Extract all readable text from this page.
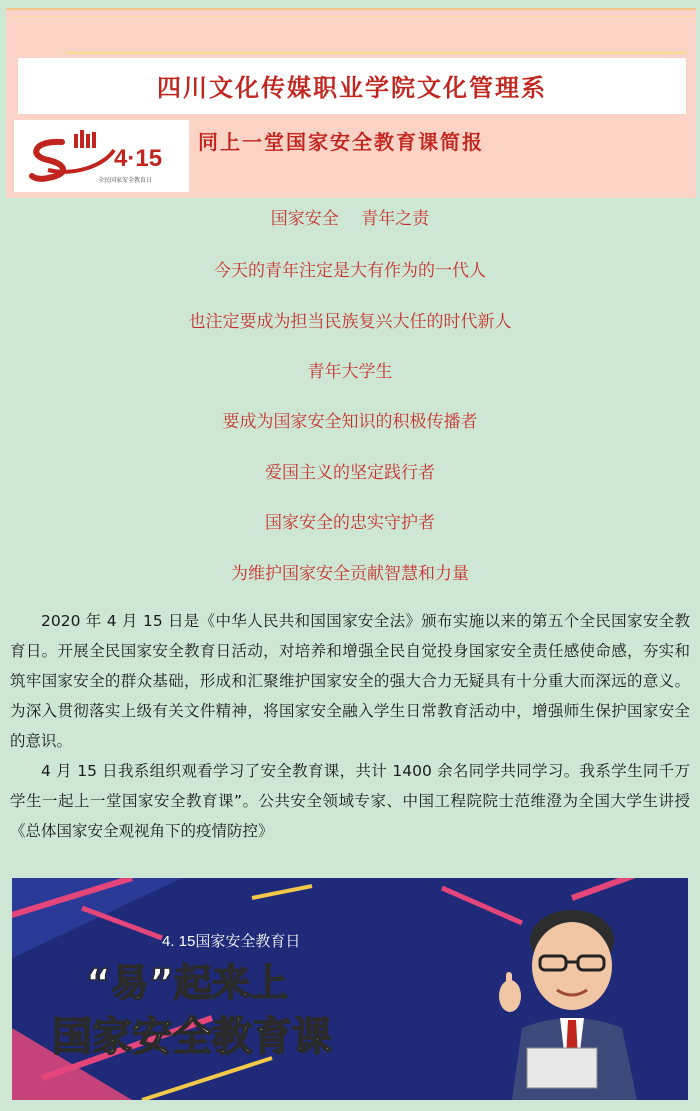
四川文化传媒职业学院文化管理系
4·15
全民国家安全教育日
同上一堂国家安全教育课简报
国家安全　 青年之责
今天的青年注定是大有作为的一代人
也注定要成为担当民族复兴大任的时代新人
青年大学生
要成为国家安全知识的积极传播者
爱国主义的坚定践行者
国家安全的忠实守护者
为维护国家安全贡献智慧和力量

2020 年 4 月 15 日是《中华人民共和国国家安全法》颁布实施以来的第五个全民国家安全教育日。开展全民国家安全教育日活动，对培养和增强全民自觉投身国家安全责任感使命感，夯实和筑牢国家安全的群众基础，形成和汇聚维护国家安全的强大合力无疑具有十分重大而深远的意义。为深入贯彻落实上级有关文件精神，将国家安全融入学生日常教育活动中，增强师生保护国家安全的意识。

4 月 15 日我系组织观看学习了安全教育课，共计 1400 余名同学共同学习。我系学生同千万学生一起上一堂国家安全教育课”。公共安全领域专家、中国工程院院士范维澄为全国大学生讲授《总体国家安全观视角下的疫情防控》

4. 15国家安全教育日
“易”起来上
国家安全教育课
